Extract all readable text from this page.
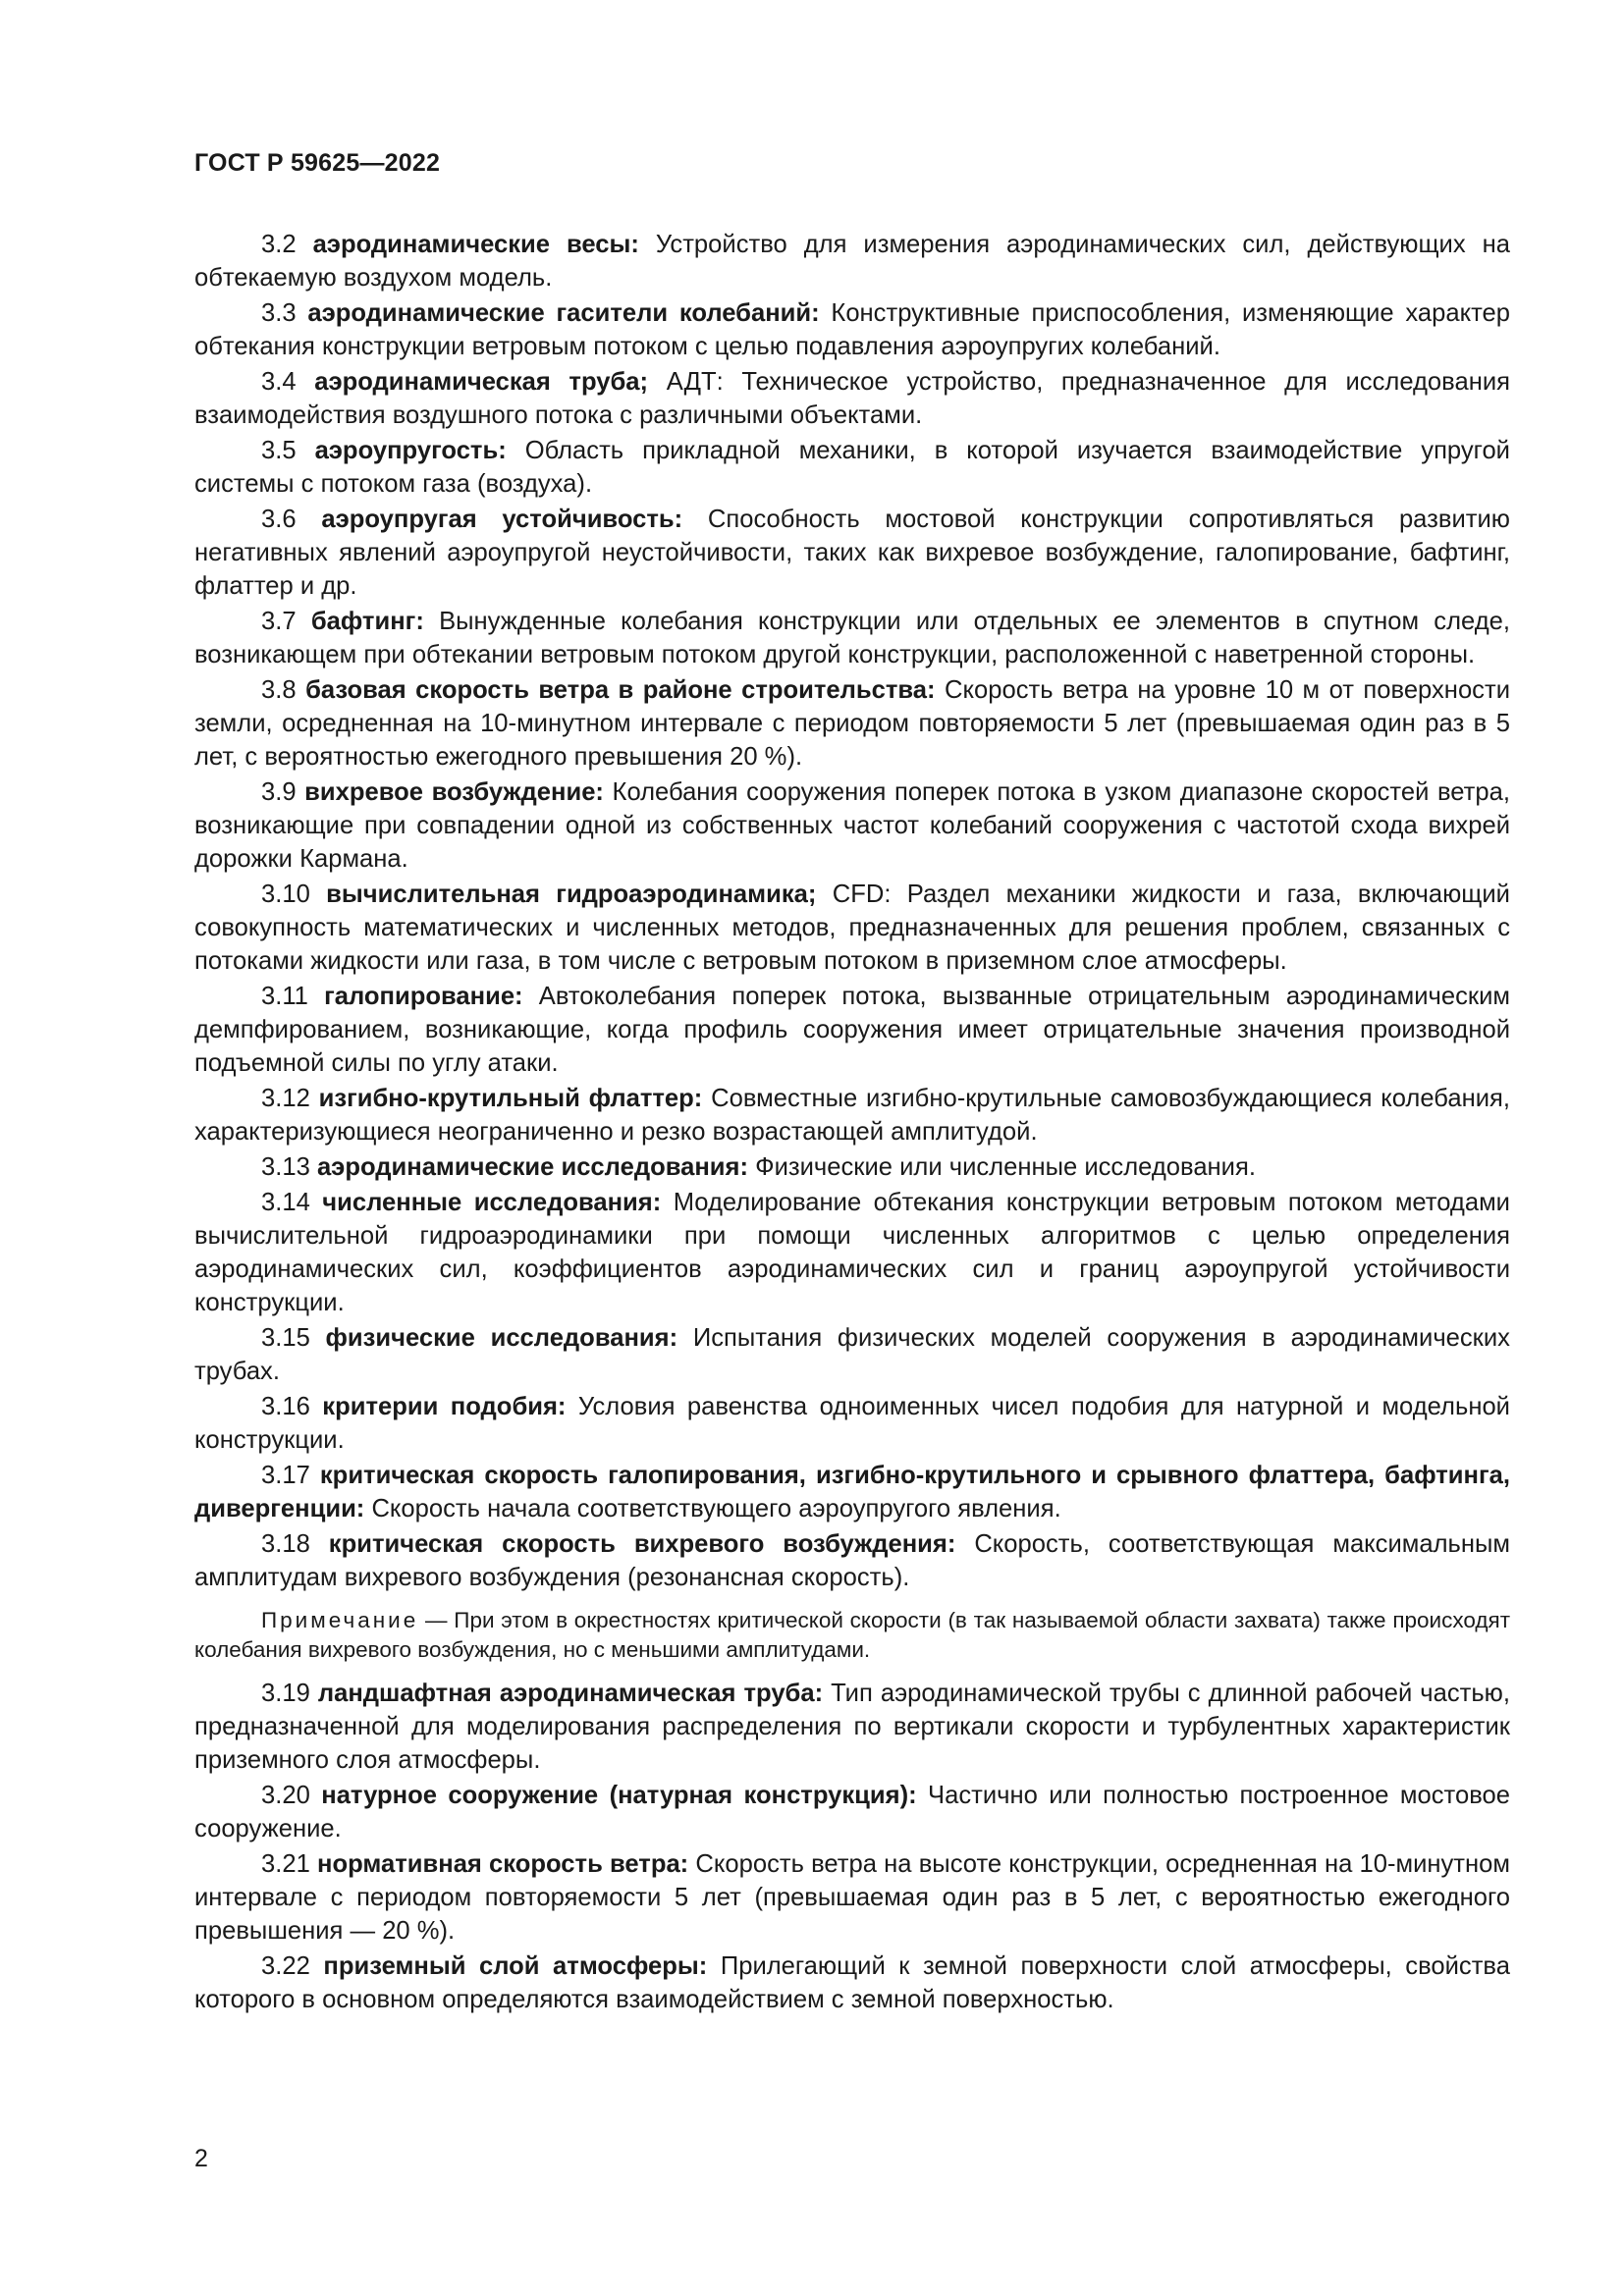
ГОСТ Р 59625—2022

3.2 аэродинамические весы: Устройство для измерения аэродинамических сил, действующих на обтекаемую воздухом модель.

3.3 аэродинамические гасители колебаний: Конструктивные приспособления, изменяющие характер обтекания конструкции ветровым потоком с целью подавления аэроупругих колебаний.

3.4 аэродинамическая труба; АДТ: Техническое устройство, предназначенное для исследования взаимодействия воздушного потока с различными объектами.

3.5 аэроупругость: Область прикладной механики, в которой изучается взаимодействие упругой системы с потоком газа (воздуха).

3.6 аэроупругая устойчивость: Способность мостовой конструкции сопротивляться развитию негативных явлений аэроупругой неустойчивости, таких как вихревое возбуждение, галопирование, бафтинг, флаттер и др.

3.7 бафтинг: Вынужденные колебания конструкции или отдельных ее элементов в спутном следе, возникающем при обтекании ветровым потоком другой конструкции, расположенной с наветренной стороны.

3.8 базовая скорость ветра в районе строительства: Скорость ветра на уровне 10 м от поверхности земли, осредненная на 10-минутном интервале с периодом повторяемости 5 лет (превышаемая один раз в 5 лет, с вероятностью ежегодного превышения 20 %).

3.9 вихревое возбуждение: Колебания сооружения поперек потока в узком диапазоне скоростей ветра, возникающие при совпадении одной из собственных частот колебаний сооружения с частотой схода вихрей дорожки Кармана.

3.10 вычислительная гидроаэродинамика; CFD: Раздел механики жидкости и газа, включающий совокупность математических и численных методов, предназначенных для решения проблем, связанных с потоками жидкости или газа, в том числе с ветровым потоком в приземном слое атмосферы.

3.11 галопирование: Автоколебания поперек потока, вызванные отрицательным аэродинамическим демпфированием, возникающие, когда профиль сооружения имеет отрицательные значения производной подъемной силы по углу атаки.

3.12 изгибно-крутильный флаттер: Совместные изгибно-крутильные самовозбуждающиеся колебания, характеризующиеся неограниченно и резко возрастающей амплитудой.

3.13 аэродинамические исследования: Физические или численные исследования.

3.14 численные исследования: Моделирование обтекания конструкции ветровым потоком методами вычислительной гидроаэродинамики при помощи численных алгоритмов с целью определения аэродинамических сил, коэффициентов аэродинамических сил и границ аэроупругой устойчивости конструкции.

3.15 физические исследования: Испытания физических моделей сооружения в аэродинамических трубах.

3.16 критерии подобия: Условия равенства одноименных чисел подобия для натурной и модельной конструкции.

3.17 критическая скорость галопирования, изгибно-крутильного и срывного флаттера, бафтинга, дивергенции: Скорость начала соответствующего аэроупругого явления.

3.18 критическая скорость вихревого возбуждения: Скорость, соответствующая максимальным амплитудам вихревого возбуждения (резонансная скорость).

Примечание — При этом в окрестностях критической скорости (в так называемой области захвата) также происходят колебания вихревого возбуждения, но с меньшими амплитудами.

3.19 ландшафтная аэродинамическая труба: Тип аэродинамической трубы с длинной рабочей частью, предназначенной для моделирования распределения по вертикали скорости и турбулентных характеристик приземного слоя атмосферы.

3.20 натурное сооружение (натурная конструкция): Частично или полностью построенное мостовое сооружение.

3.21 нормативная скорость ветра: Скорость ветра на высоте конструкции, осредненная на 10-минутном интервале с периодом повторяемости 5 лет (превышаемая один раз в 5 лет, с вероятностью ежегодного превышения — 20 %).

3.22 приземный слой атмосферы: Прилегающий к земной поверхности слой атмосферы, свойства которого в основном определяются взаимодействием с земной поверхностью.

2
